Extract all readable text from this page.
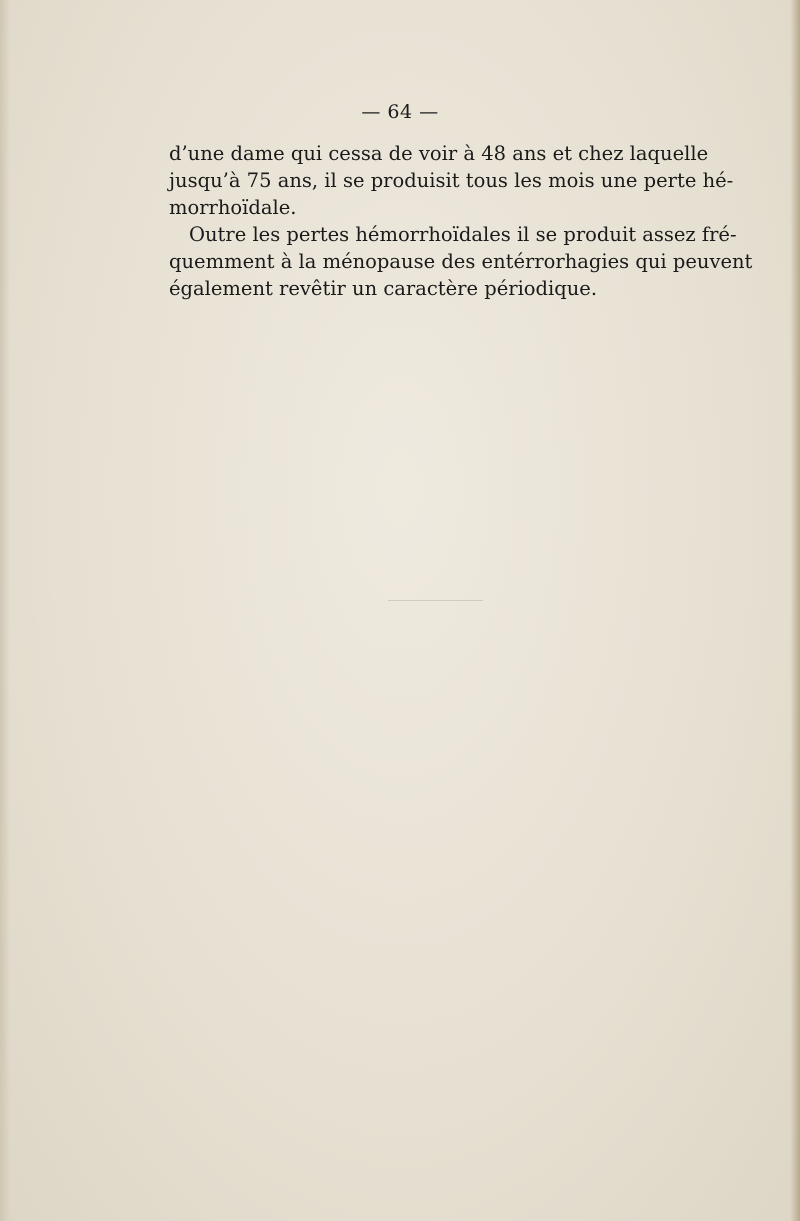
— 64 —
d’une dame qui cessa de voir à 48 ans et chez laquelle
jusqu’à 75 ans, il se produisit tous les mois une perte hé-
morrhoïdale.
Outre les pertes hémorrhoïdales il se produit assez fré-
quemment à la ménopause des entérrorhagies qui peuvent
également revêtir un caractère périodique.
